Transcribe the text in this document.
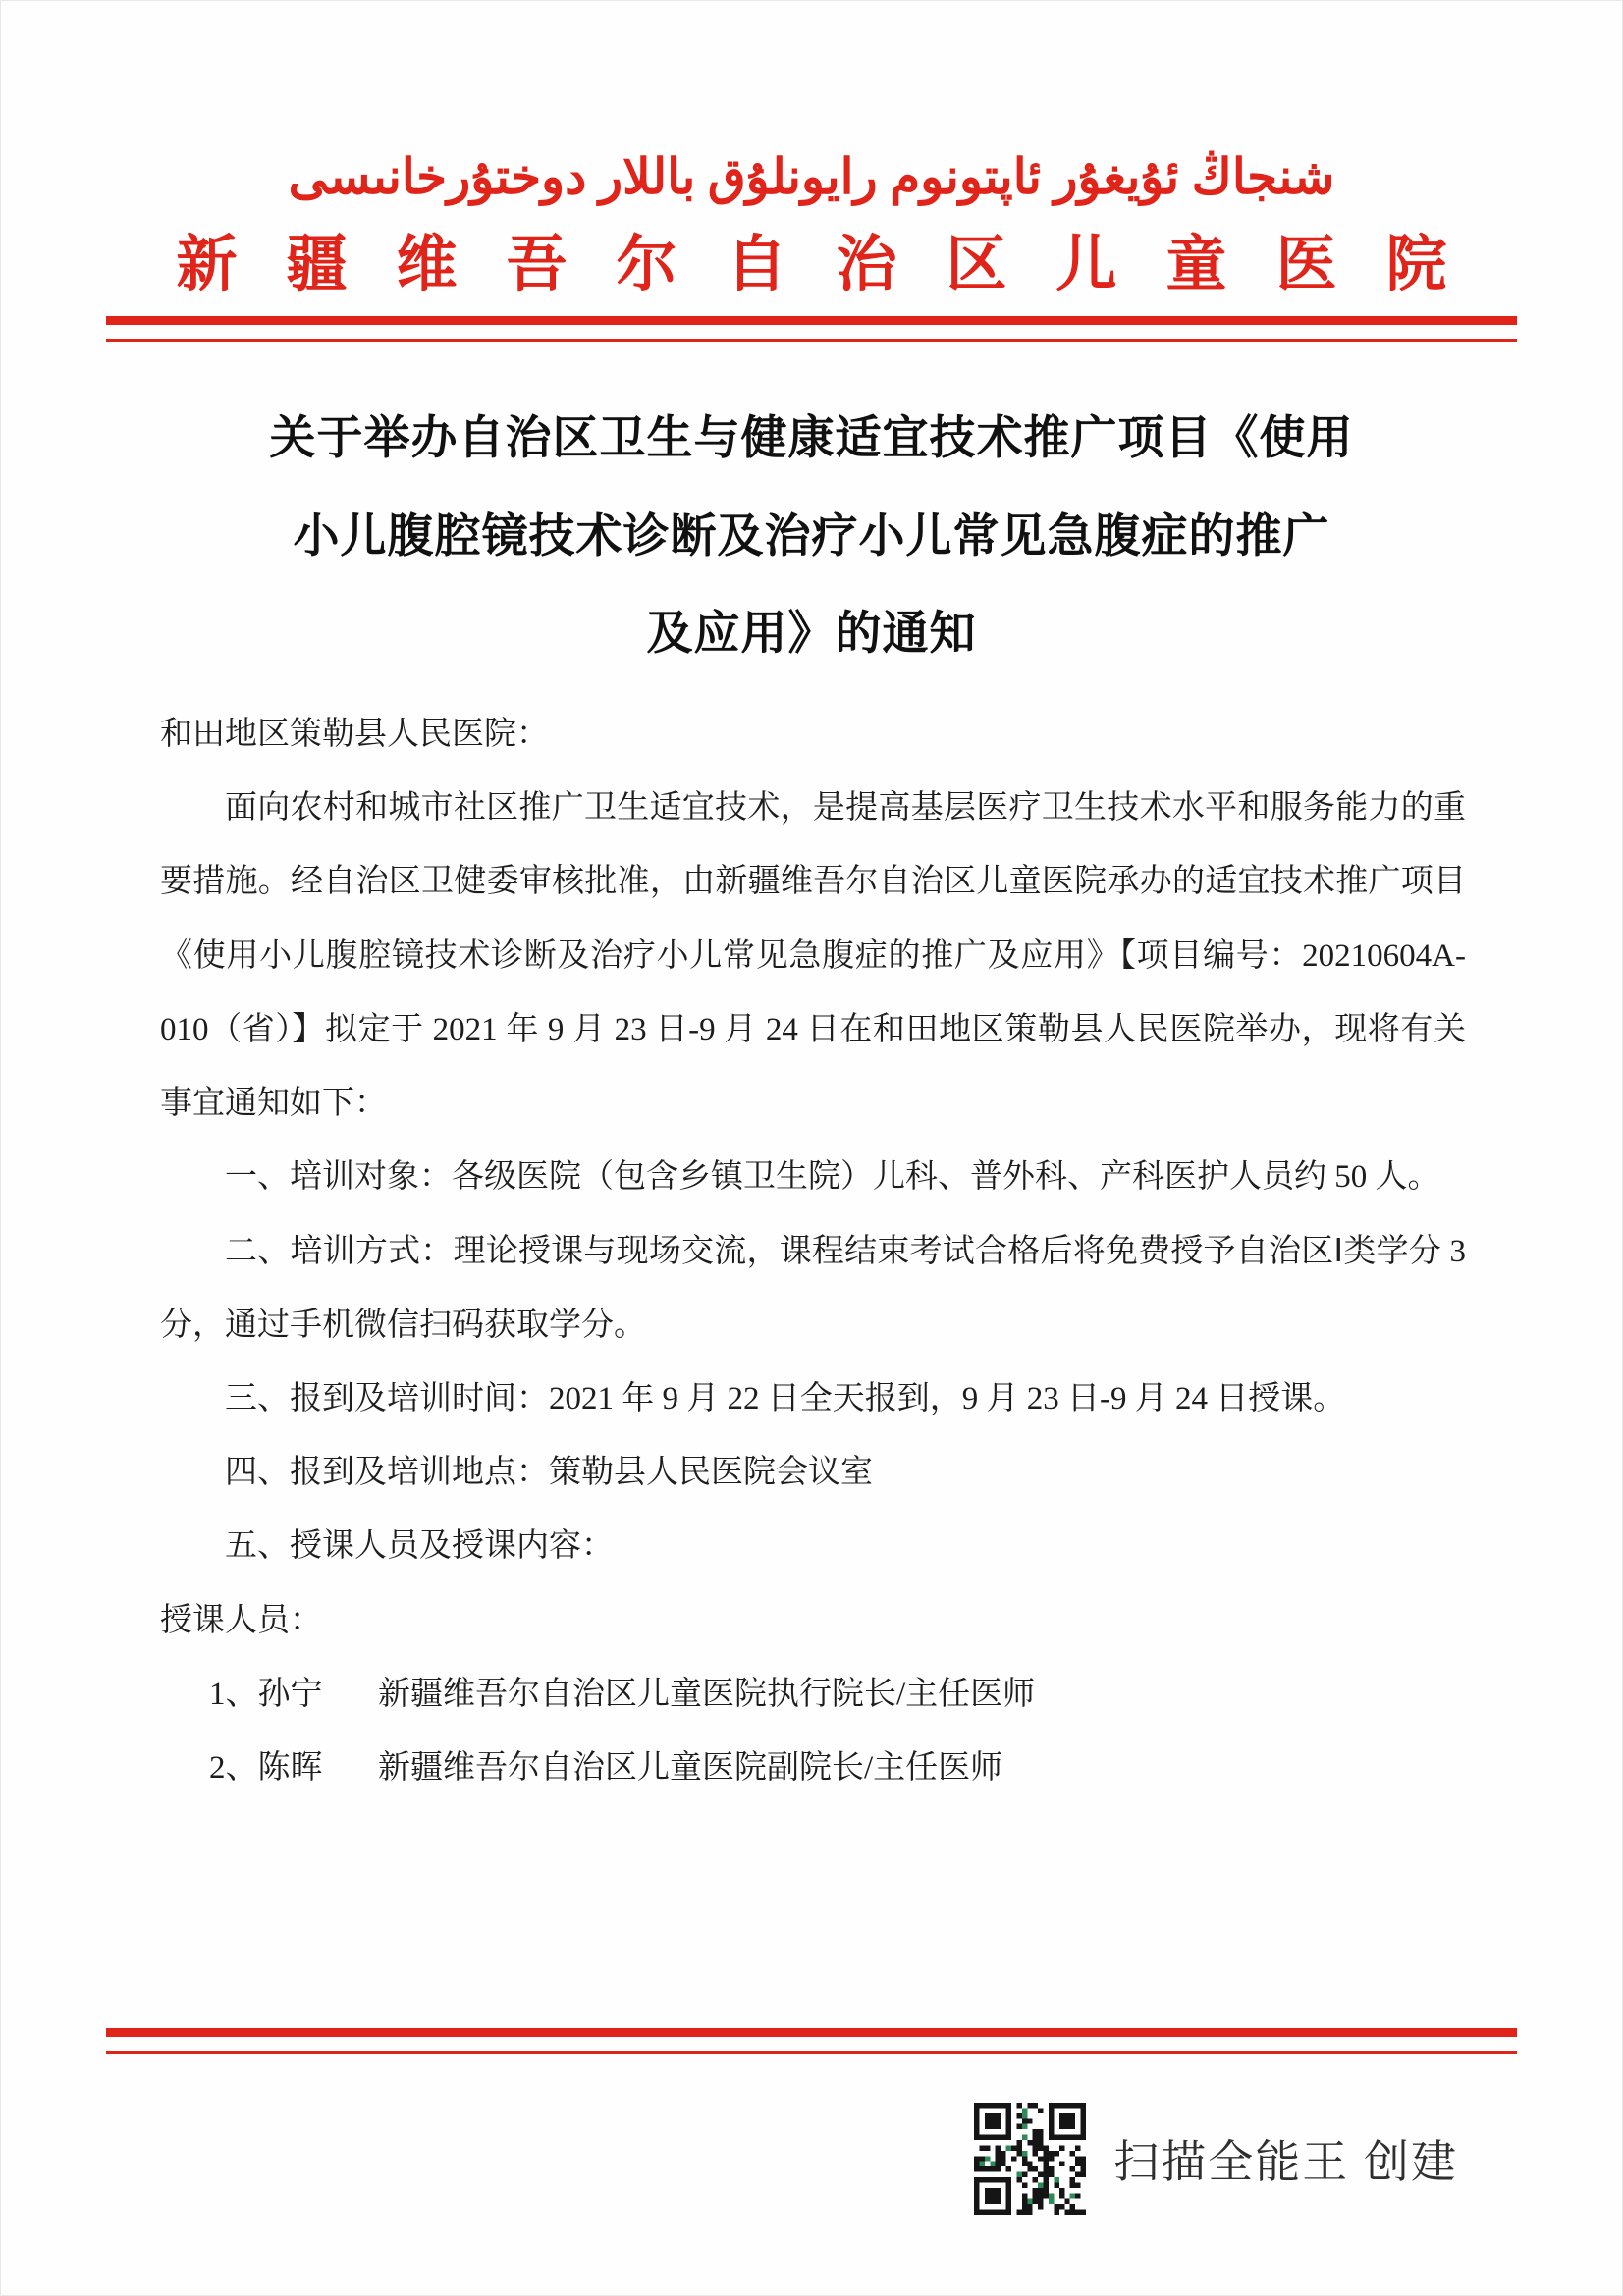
شنجاڭ ئۇيغۇر ئاپتونوم رايونلۇق باللار دوختۇرخانىسى
新疆维吾尔自治区儿童医院
关于举办自治区卫生与健康适宜技术推广项目《使用
小儿腹腔镜技术诊断及治疗小儿常见急腹症的推广
及应用》的通知

和田地区策勒县人民医院：

面向农村和城市社区推广卫生适宜技术，是提高基层医疗卫生技术水平和服务能力的重要措施。经自治区卫健委审核批准，由新疆维吾尔自治区儿童医院承办的适宜技术推广项目《使用小儿腹腔镜技术诊断及治疗小儿常见急腹症的推广及应用》【项目编号：20210604A-010（省）】拟定于 2021 年 9 月 23 日-9 月 24 日在和田地区策勒县人民医院举办，现将有关事宜通知如下：

一、培训对象：各级医院（包含乡镇卫生院）儿科、普外科、产科医护人员约 50 人。

二、培训方式：理论授课与现场交流，课程结束考试合格后将免费授予自治区Ⅰ类学分 3 分，通过手机微信扫码获取学分。

三、报到及培训时间：2021 年 9 月 22 日全天报到，9 月 23 日-9 月 24 日授课。

四、报到及培训地点：策勒县人民医院会议室

五、授课人员及授课内容：

授课人员：

1、孙宁	新疆维吾尔自治区儿童医院执行院长/主任医师
2、陈晖	新疆维吾尔自治区儿童医院副院长/主任医师
扫描全能王 创建
